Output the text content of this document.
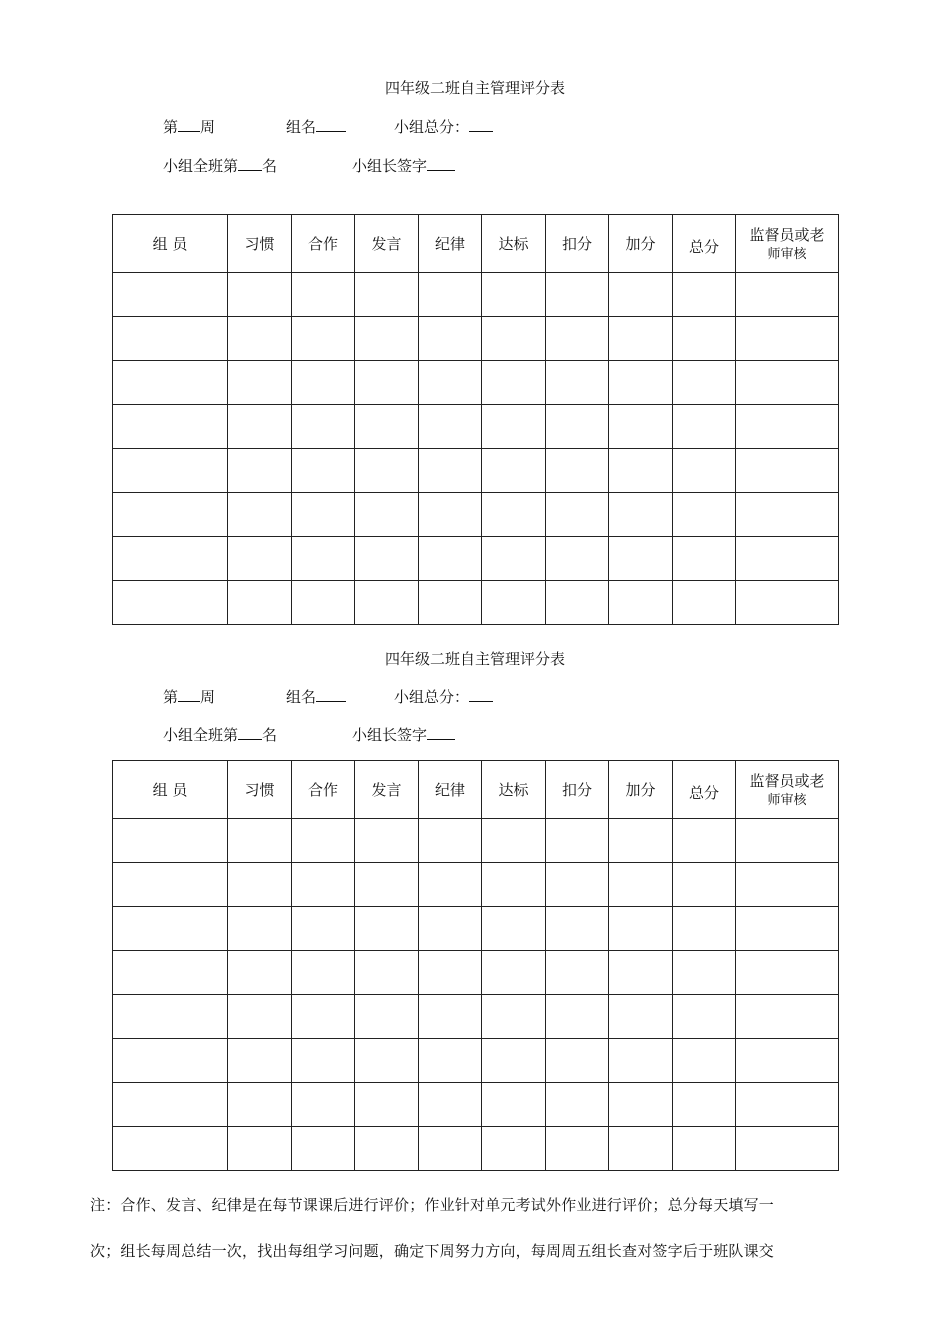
四年级二班自主管理评分表
第 周	组名	小组总分：
小组全班第 名	小组长签字
组 员	习惯	合作	发言	纪律	达标	扣分	加分	总分	监督员或老
师审核

四年级二班自主管理评分表
第 周	组名	小组总分：
小组全班第 名	小组长签字
组 员	习惯	合作	发言	纪律	达标	扣分	加分	总分	监督员或老
师审核

注：合作、发言、纪律是在每节课课后进行评价；作业针对单元考试外作业进行评价；总分每天填写一
次；组长每周总结一次，找出每组学习问题，确定下周努力方向，每周周五组长查对签字后于班队课交
